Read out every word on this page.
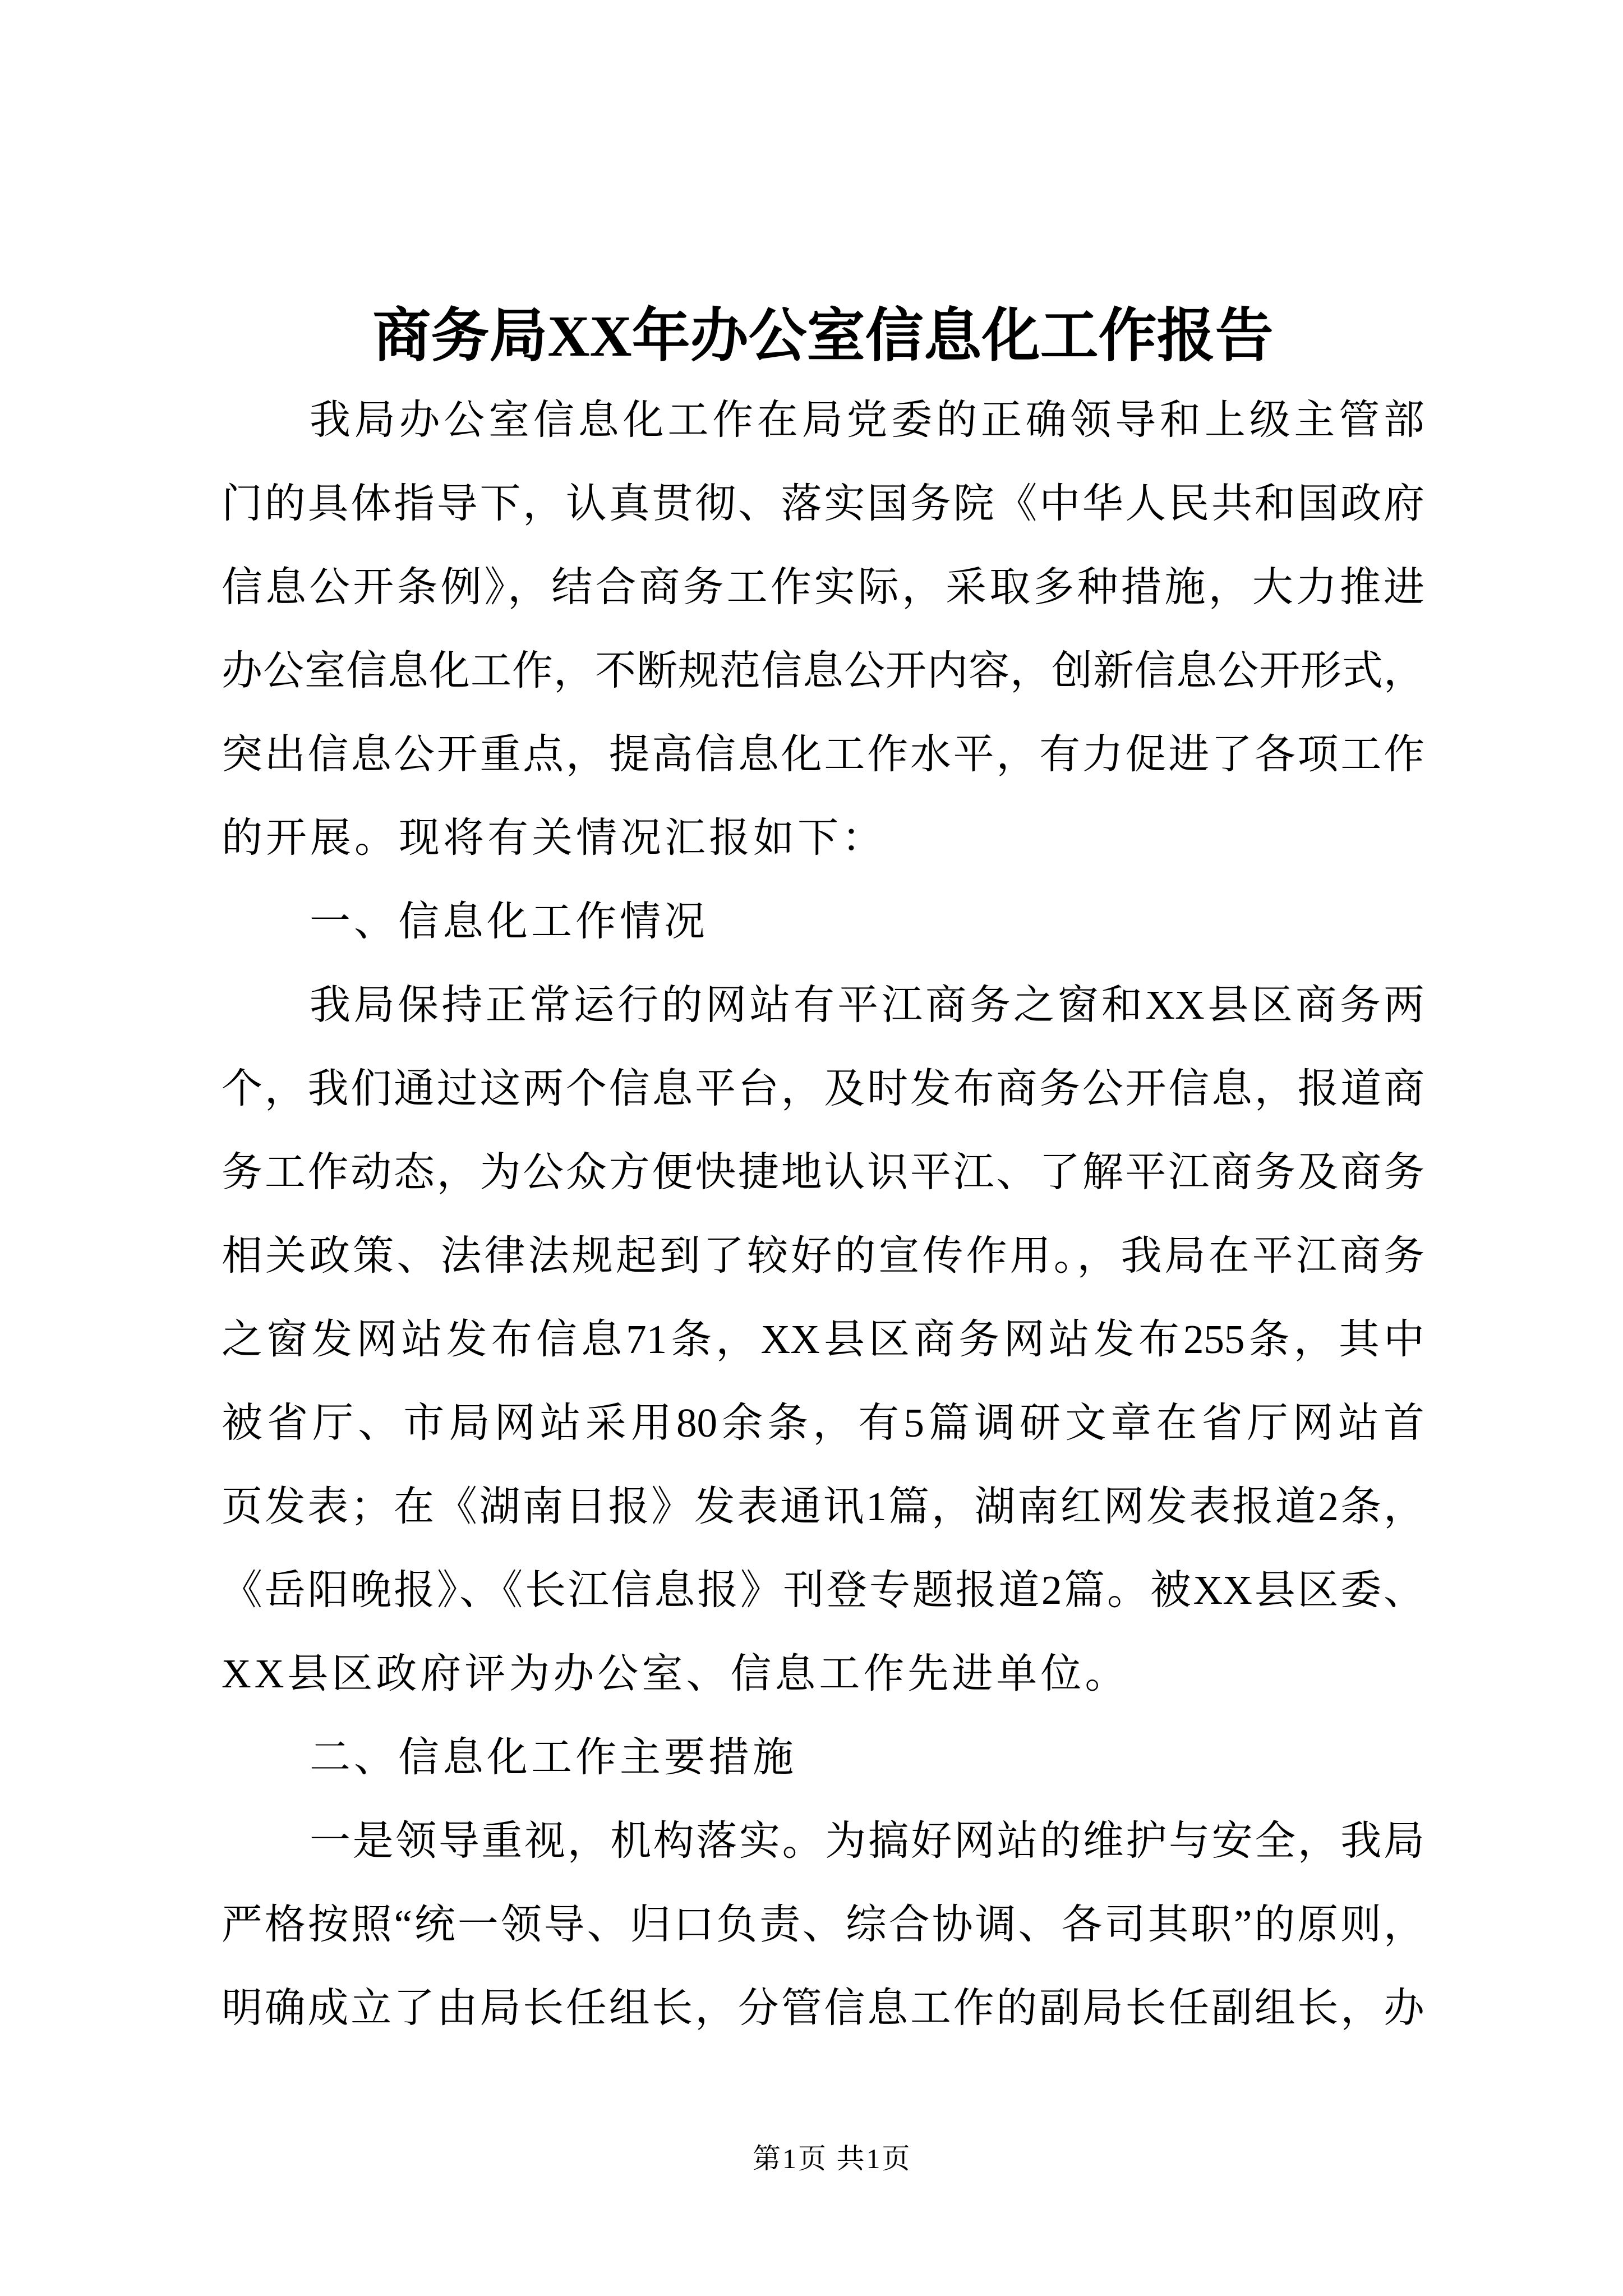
商务局XX年办公室信息化工作报告
我局办公室信息化工作在局党委的正确领导和上级主管部
门的具体指导下，认真贯彻、落实国务院《中华人民共和国政府
信息公开条例》，结合商务工作实际，采取多种措施，大力推进
办公室信息化工作，不断规范信息公开内容，创新信息公开形式，
突出信息公开重点，提高信息化工作水平，有力促进了各项工作
的开展。现将有关情况汇报如下：
一、信息化工作情况
我局保持正常运行的网站有平江商务之窗和XX县区商务两
个，我们通过这两个信息平台，及时发布商务公开信息，报道商
务工作动态，为公众方便快捷地认识平江、了解平江商务及商务
相关政策、法律法规起到了较好的宣传作用。，我局在平江商务
之窗发网站发布信息71条，XX县区商务网站发布255条，其中
被省厅、市局网站采用80余条，有5篇调研文章在省厅网站首
页发表；在《湖南日报》发表通讯1篇，湖南红网发表报道2条，
《岳阳晚报》、《长江信息报》刊登专题报道2篇。被XX县区委、
XX县区政府评为办公室、信息工作先进单位。
二、信息化工作主要措施
一是领导重视，机构落实。为搞好网站的维护与安全，我局
严格按照“统一领导、归口负责、综合协调、各司其职”的原则，
明确成立了由局长任组长，分管信息工作的副局长任副组长，办
第1页 共1页
